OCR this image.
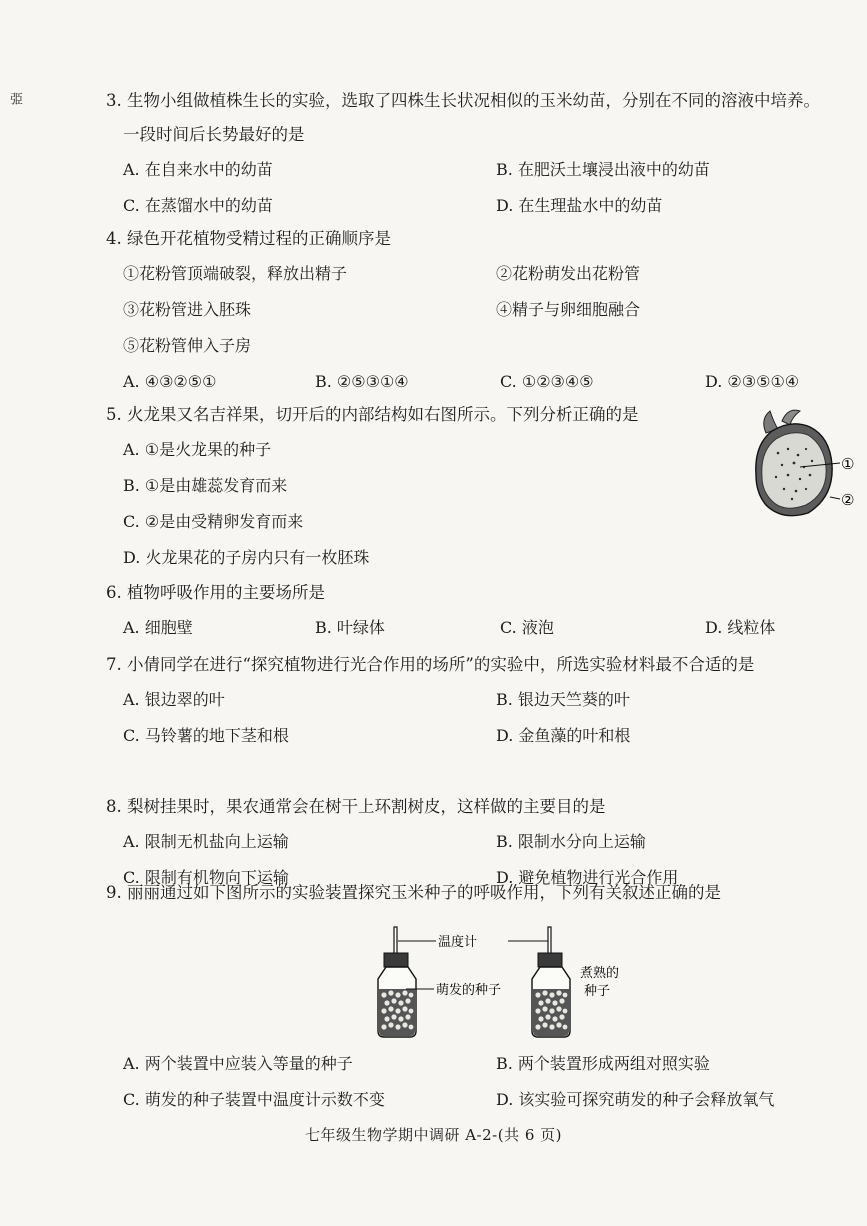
弫	3. 生物小组做植株生长的实验，选取了四株生长状况相似的玉米幼苗，分别在不同的溶液中培养。
一段时间后长势最好的是
A. 在自来水中的幼苗	B. 在肥沃土壤浸出液中的幼苗
C. 在蒸馏水中的幼苗	D. 在生理盐水中的幼苗
4. 绿色开花植物受精过程的正确顺序是
①花粉管顶端破裂，释放出精子	②花粉萌发出花粉管
③花粉管进入胚珠	④精子与卵细胞融合
⑤花粉管伸入子房
A. ④③②⑤①	B. ②⑤③①④	C. ①②③④⑤	D. ②③⑤①④
5. 火龙果又名吉祥果，切开后的内部结构如右图所示。下列分析正确的是
A. ①是火龙果的种子
B. ①是由雄蕊发育而来
C. ②是由受精卵发育而来
D. 火龙果花的子房内只有一枚胚珠
①
②
6. 植物呼吸作用的主要场所是
A. 细胞壁	B. 叶绿体	C. 液泡	D. 线粒体
7. 小倩同学在进行“探究植物进行光合作用的场所”的实验中，所选实验材料最不合适的是
A. 银边翠的叶	B. 银边天竺葵的叶
C. 马铃薯的地下茎和根	D. 金鱼藻的叶和根
8. 梨树挂果时，果农通常会在树干上环割树皮，这样做的主要目的是
A. 限制无机盐向上运输	B. 限制水分向上运输
C. 限制有机物向下运输	D. 避免植物进行光合作用
9. 丽丽通过如下图所示的实验装置探究玉米种子的呼吸作用，下列有关叙述正确的是
温度计
萌发的种子
煮熟的
种子
A. 两个装置中应装入等量的种子	B. 两个装置形成两组对照实验
C. 萌发的种子装置中温度计示数不变	D. 该实验可探究萌发的种子会释放氧气
七年级生物学期中调研 A-2-(共 6 页)
